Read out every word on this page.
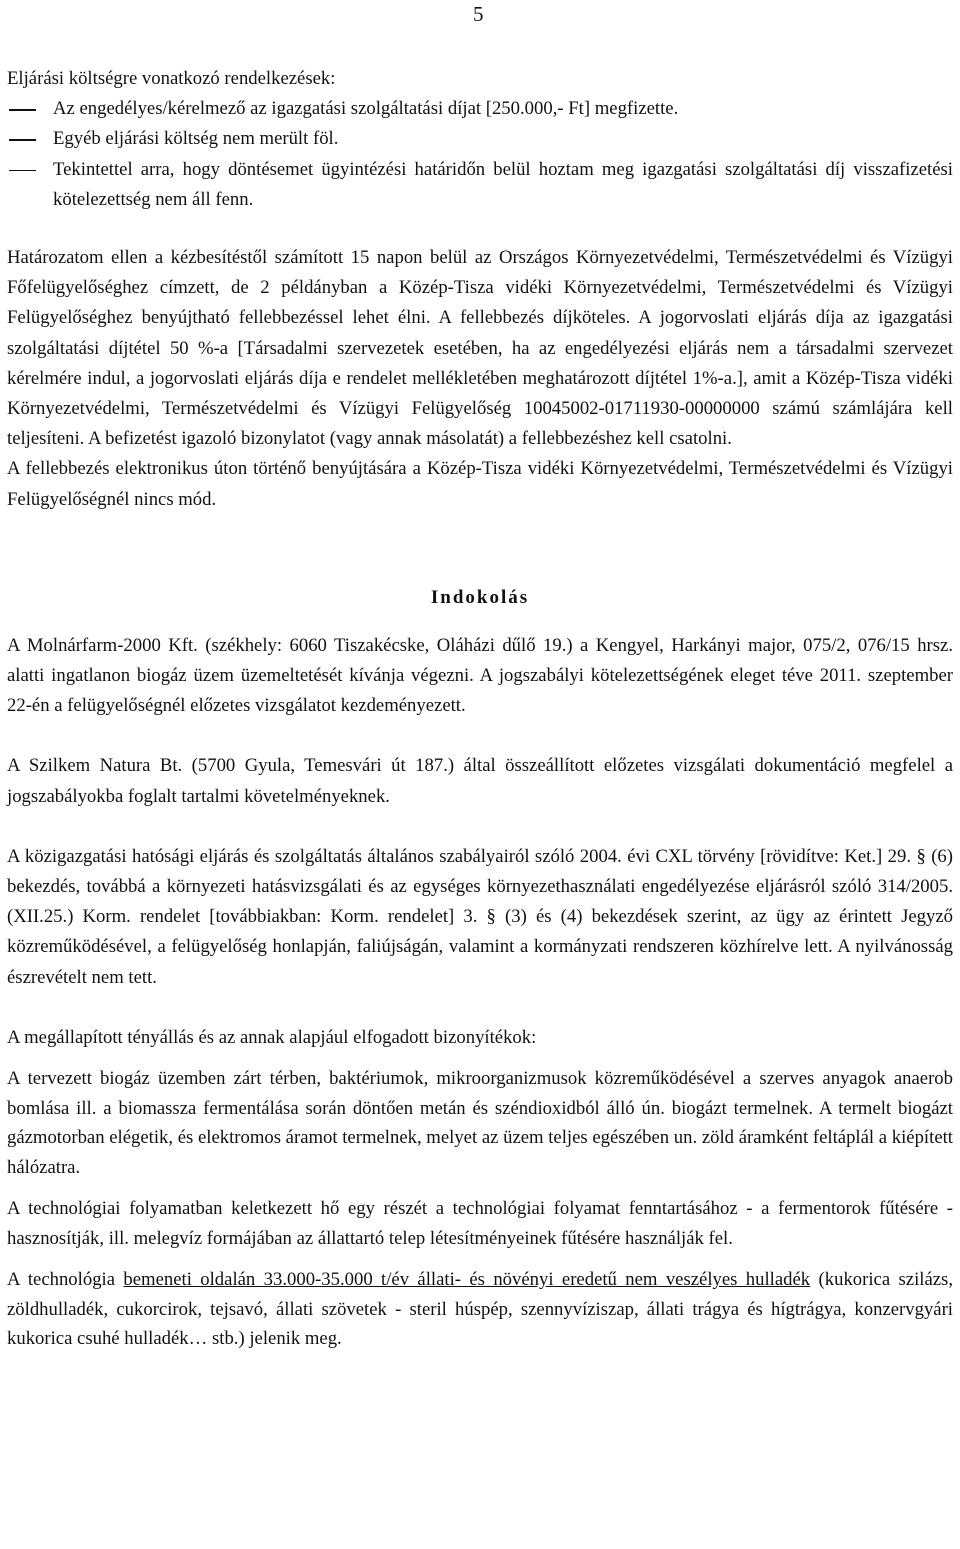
5

Eljárási költségre vonatkozó rendelkezések:

Az engedélyes/kérelmező az igazgatási szolgáltatási díjat [250.000,- Ft] megfizette.
Egyéb eljárási költség nem merült föl.
Tekintettel arra, hogy döntésemet ügyintézési határidőn belül hoztam meg igazgatási szolgáltatási díj visszafizetési kötelezettség nem áll fenn.

Határozatom ellen a kézbesítéstől számított 15 napon belül az Országos Környezetvédelmi, Természetvédelmi és Vízügyi Főfelügyelőséghez címzett, de 2 példányban a Közép-Tisza vidéki Környezetvédelmi, Természetvédelmi és Vízügyi Felügyelőséghez benyújtható fellebbezéssel lehet élni. A fellebbezés díjköteles. A jogorvoslati eljárás díja az igazgatási szolgáltatási díjtétel 50 %-a [Társadalmi szervezetek esetében, ha az engedélyezési eljárás nem a társadalmi szervezet kérelmére indul, a jogorvoslati eljárás díja e rendelet mellékletében meghatározott díjtétel 1%-a.], amit a Közép-Tisza vidéki Környezetvédelmi, Természetvédelmi és Vízügyi Felügyelőség 10045002-01711930-00000000 számú számlájára kell teljesíteni. A befizetést igazoló bizonylatot (vagy annak másolatát) a fellebbezéshez kell csatolni.

A fellebbezés elektronikus úton történő benyújtására a Közép-Tisza vidéki Környezetvédelmi, Természetvédelmi és Vízügyi Felügyelőségnél nincs mód.

Indokolás

A Molnárfarm-2000 Kft. (székhely: 6060 Tiszakécske, Oláházi dűlő 19.) a Kengyel, Harkányi major, 075/2, 076/15 hrsz. alatti ingatlanon biogáz üzem üzemeltetését kívánja végezni. A jogszabályi kötelezettségének eleget téve 2011. szeptember 22-én a felügyelőségnél előzetes vizsgálatot kezdeményezett.

A Szilkem Natura Bt. (5700 Gyula, Temesvári út 187.) által összeállított előzetes vizsgálati dokumentáció megfelel a jogszabályokba foglalt tartalmi követelményeknek.

A közigazgatási hatósági eljárás és szolgáltatás általános szabályairól szóló 2004. évi CXL törvény [rövidítve: Ket.] 29. § (6) bekezdés, továbbá a környezeti hatásvizsgálati és az egységes környezethasználati engedélyezése eljárásról szóló 314/2005. (XII.25.) Korm. rendelet [továbbiakban: Korm. rendelet] 3. § (3) és (4) bekezdések szerint, az ügy az érintett Jegyző közreműködésével, a felügyelőség honlapján, faliújságán, valamint a kormányzati rendszeren közhírelve lett. A nyilvánosság észrevételt nem tett.

A megállapított tényállás és az annak alapjául elfogadott bizonyítékok:

A tervezett biogáz üzemben zárt térben, baktériumok, mikroorganizmusok közreműködésével a szerves anyagok anaerob bomlása ill. a biomassza fermentálása során döntően metán és széndioxidból álló ún. biogázt termelnek. A termelt biogázt gázmotorban elégetik, és elektromos áramot termelnek, melyet az üzem teljes egészében un. zöld áramként feltáplál a kiépített hálózatra.

A technológiai folyamatban keletkezett hő egy részét a technológiai folyamat fenntartásához - a fermentorok fűtésére - hasznosítják, ill. melegvíz formájában az állattartó telep létesítményeinek fűtésére használják fel.

A technológia bemeneti oldalán 33.000-35.000 t/év állati- és növényi eredetű nem veszélyes hulladék (kukorica szilázs, zöldhulladék, cukorcirok, tejsavó, állati szövetek - steril húspép, szennyvíziszap, állati trágya és hígtrágya, konzervgyári kukorica csuhé hulladék… stb.) jelenik meg.
